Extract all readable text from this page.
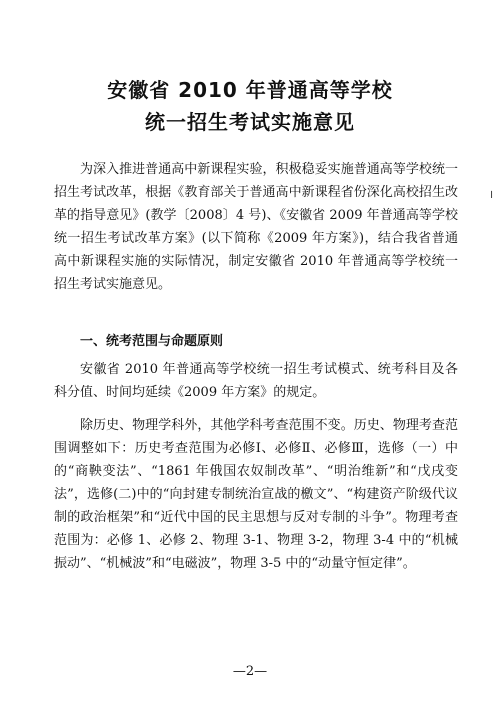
安徽省 2010 年普通高等学校
统一招生考试实施意见

为深入推进普通高中新课程实验，积极稳妥实施普通高等学校统一招生考试改革，根据《教育部关于普通高中新课程省份深化高校招生改革的指导意见》(教学〔2008〕4 号)、《安徽省 2009 年普通高等学校统一招生考试改革方案》(以下简称《2009 年方案》)，结合我省普通高中新课程实施的实际情况，制定安徽省 2010 年普通高等学校统一招生考试实施意见。

一、统考范围与命题原则

安徽省 2010 年普通高等学校统一招生考试模式、统考科目及各科分值、时间均延续《2009 年方案》的规定。

除历史、物理学科外，其他学科考查范围不变。历史、物理考查范围调整如下：历史考查范围为必修Ⅰ、必修Ⅱ、必修Ⅲ，选修（一）中的“商鞅变法”、“1861 年俄国农奴制改革”、“明治维新”和“戊戌变法”，选修(二)中的“向封建专制统治宣战的檄文”、“构建资产阶级代议制的政治框架”和“近代中国的民主思想与反对专制的斗争”。物理考查范围为：必修 1、必修 2、物理 3-1、物理 3-2，物理 3-4 中的“机械振动”、“机械波”和“电磁波”，物理 3-5 中的“动量守恒定律”。

╷
—2—
